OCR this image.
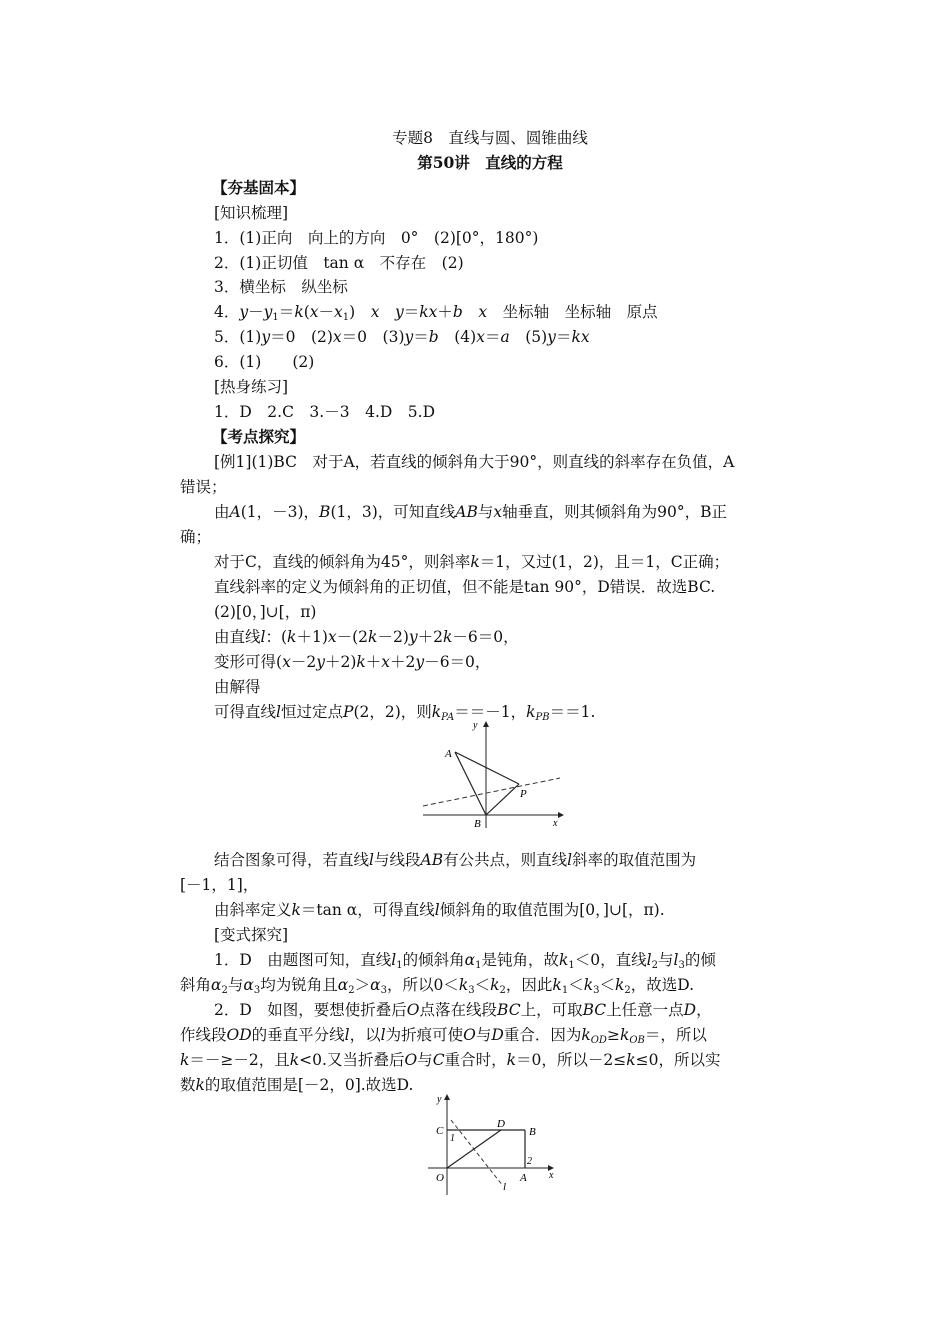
专题8　直线与圆、圆锥曲线
第50讲　直线的方程
【夯基固本】
[知识梳理]
1．(1)正向　向上的方向　0°　(2)[0°，180°)
2．(1)正切值　tan α　不存在　(2)
3．横坐标　纵坐标
4．$y-y_1=k(x-x_1)$　x　y＝kx＋b　x　坐标轴　坐标轴　原点
5．(1)y＝0　(2)x＝0　(3)y＝b　(4)x＝a　(5)y＝kx
6．(1)　　(2)
[热身练习]
1．D　2.C　3.－3　4.D　5.D
【考点探究】
[例1](1)BC　对于A，若直线的倾斜角大于90°，则直线的斜率存在负值，A
错误；
由A(1，－3)，B(1，3)，可知直线AB与x轴垂直，则其倾斜角为90°，B正
确；
对于C，直线的倾斜角为45°，则斜率k＝1，又过(1，2)，且＝1，C正确；
直线斜率的定义为倾斜角的正切值，但不能是tan 90°，D错误．故选BC.
(2)[0，]∪[，π)
由直线l：(k＋1)x－(2k－2)y＋2k－6＝0，
变形可得(x－2y＋2)k＋x＋2y－6＝0，
由解得
可得直线l恒过定点P(2，2)，则$k_{PA}==-1$，$k_{PB}==1$.
y
x
A
B
P
结合图象可得，若直线l与线段AB有公共点，则直线l斜率的取值范围为
[－1，1]，
由斜率定义k＝tan α，可得直线l倾斜角的取值范围为[0，]∪[，π).
[变式探究]
1．D　由题图可知，直线$l_1$的倾斜角$\alpha_1$是钝角，故$k_1<0$，直线$l_2$与$l_3$的倾
斜角$\alpha_2$与$\alpha_3$均为锐角且$\alpha_2>\alpha_3$，所以$0<k_3<k_2$，因此$k_1<k_3<k_2$，故选D.
2．D　如图，要想使折叠后O点落在线段BC上，可取BC上任意一点D，
作线段OD的垂直平分线l，以l为折痕可使O与D重合．因为$k_{OD}\ge k_{OB}=$，所以
k＝－≥－2，且k<0.又当折叠后O与C重合时，k＝0，所以－2≤k≤0，所以实
数k的取值范围是[－2，0].故选D.
y
x
C
1
D
B
2
O	A
l
